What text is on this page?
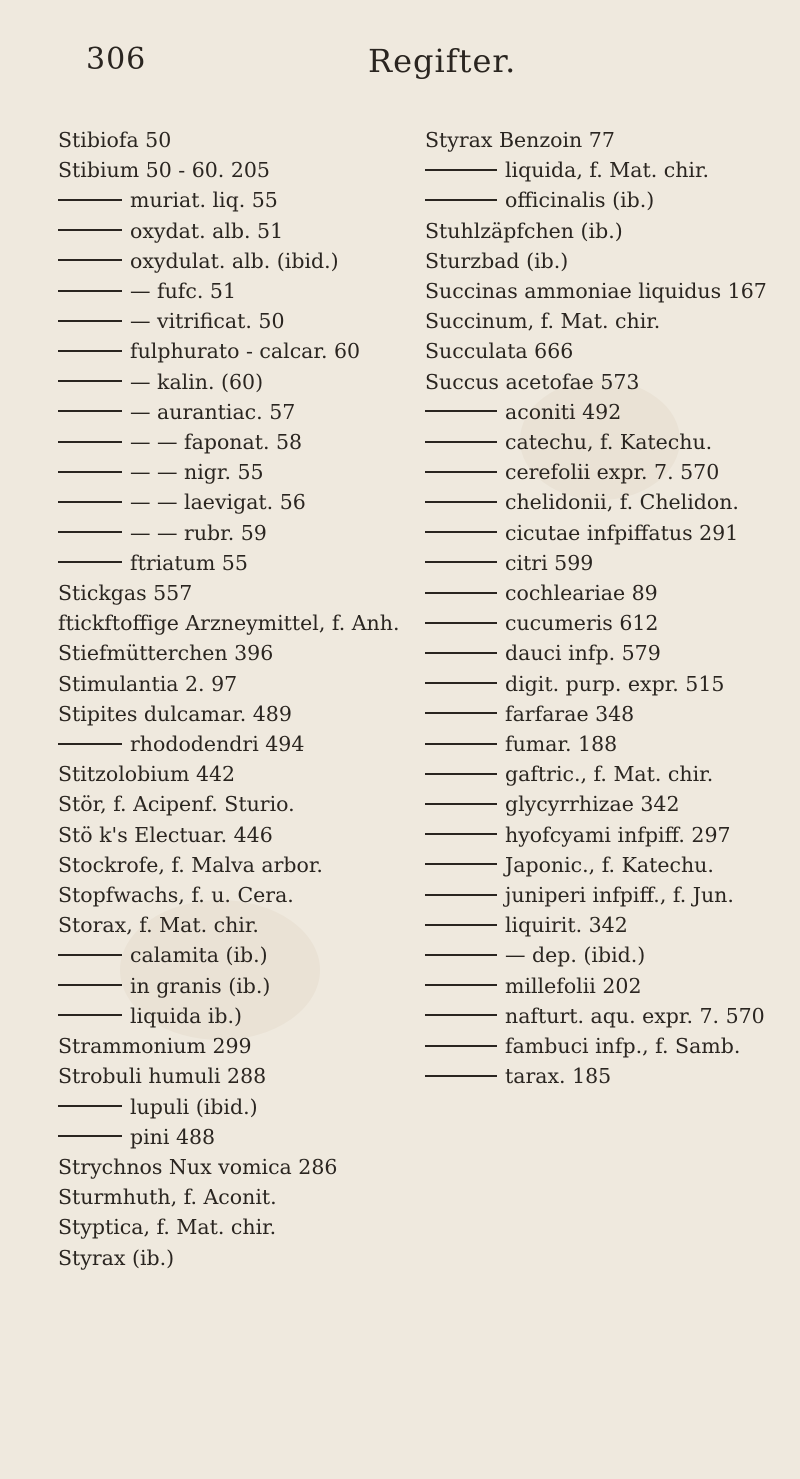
306	Regifter.
Stibiofa 50
Stibium 50 - 60. 205
muriat. liq. 55
oxydat. alb. 51
oxydulat. alb. (ibid.)
— fufc. 51
— vitrificat. 50
fulphurato - calcar. 60
— kalin. (60)
— aurantiac. 57
— — faponat. 58
— — nigr. 55
— — laevigat. 56
— — rubr. 59
ftriatum 55
Stickgas 557
ftickftoffige Arzneymittel, f. Anh.
Stiefmütterchen 396
Stimulantia 2. 97
Stipites dulcamar. 489
rhododendri 494
Stitzolobium 442
Stör, f. Acipenf. Sturio.
Stö k's Electuar. 446
Stockrofe, f. Malva arbor.
Stopfwachs, f. u. Cera.
Storax, f. Mat. chir.
calamita (ib.)
in granis (ib.)
liquida ib.)
Strammonium 299
Strobuli humuli 288
lupuli (ibid.)
pini 488
Strychnos Nux vomica 286
Sturmhuth, f. Aconit.
Styptica, f. Mat. chir.
Styrax (ib.)
Styrax Benzoin 77
liquida, f. Mat. chir.
officinalis (ib.)
Stuhlzäpfchen (ib.)
Sturzbad (ib.)
Succinas ammoniae liquidus 167
Succinum, f. Mat. chir.
Succulata 666
Succus acetofae 573
aconiti 492
catechu, f. Katechu.
cerefolii expr. 7. 570
chelidonii, f. Chelidon.
cicutae infpiffatus 291
citri 599
cochleariae 89
cucumeris 612
dauci infp. 579
digit. purp. expr. 515
farfarae 348
fumar. 188
gaftric., f. Mat. chir.
glycyrrhizae 342
hyofcyami infpiff. 297
Japonic., f. Katechu.
juniperi infpiff., f. Jun.
liquirit. 342
— dep. (ibid.)
millefolii 202
nafturt. aqu. expr. 7. 570
fambuci infp., f. Samb.
tarax. 185
